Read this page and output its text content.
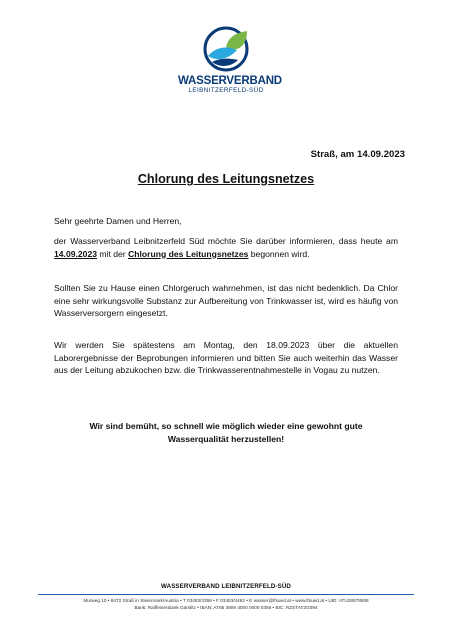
WASSERVERBAND
LEIBNITZERFELD-SÜD
Straß, am 14.09.2023
Chlorung des Leitungsnetzes

Sehr geehrte Damen und Herren,

der Wasserverband Leibnitzerfeld Süd möchte Sie darüber informieren, dass heute am 14.09.2023 mit der Chlorung des Leitungsnetzes begonnen wird.

Sollten Sie zu Hause einen Chlorgeruch wahrnehmen, ist das nicht bedenklich. Da Chlor eine sehr wirkungsvolle Substanz zur Aufbereitung von Trinkwasser ist, wird es häufig von Wasserversorgern eingesetzt.

Wir werden Sie spätestens am Montag, den 18.09.2023 über die aktuellen Laborergebnisse der Beprobungen informieren und bitten Sie auch weiterhin das Wasser aus der Leitung abzukochen bzw. die Trinkwasserentnahmestelle in Vogau zu nutzen.

Wir sind bemüht, so schnell wie möglich wieder eine gewohnt gute
Wasserqualität herzustellen!
WASSERVERBAND LEIBNITZERFELD-SÜD
Murweg 10 • 8472 Straß in Steiermark/Austria • T 03453/3399 • F 03453/4462 • E wasser@lfsued.at • www.lfsued.at • UID: ATU28578508
Bank: Raiffeisenbank Gamlitz • IBAN: AT65 3809 4000 0000 0356 • BIC: RZSTAT2G094
